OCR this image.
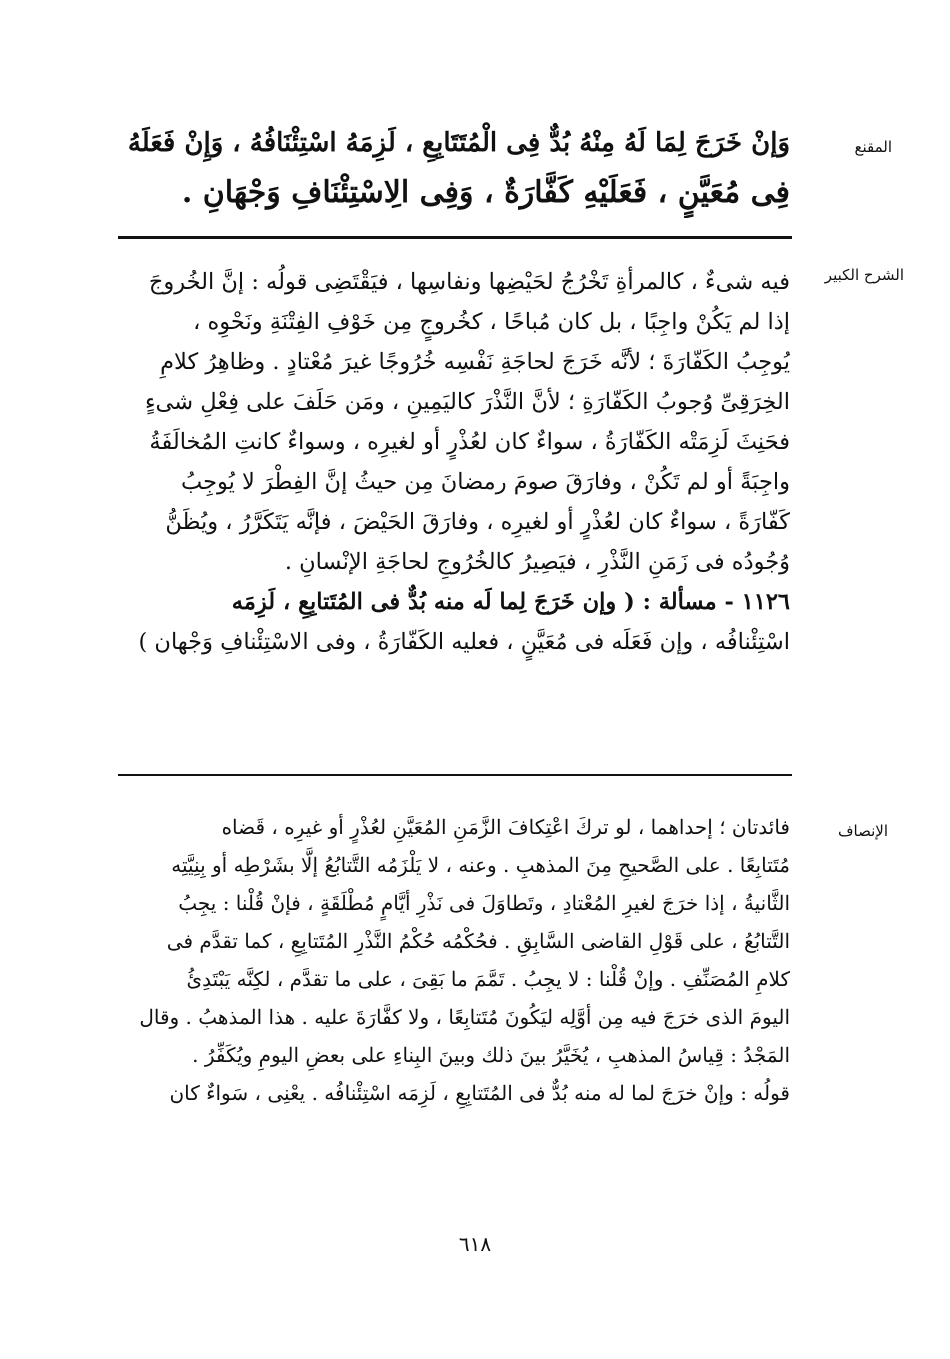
المقنع
وَإنْ خَرَجَ لِمَا لَهُ مِنْهُ بُدٌّ فِى الْمُتَتَابِعِ ، لَزِمَهُ اسْتِئْنَافُهُ ، وَإِنْ فَعَلَهُ
فِى مُعَيَّنٍ ، فَعَلَيْهِ كَفَّارَةٌ ، وَفِى الِاسْتِئْنَافِ وَجْهَانِ .
الشرح الكبير
فيه شىءٌ ، كالمرأةِ تَخْرُجُ لحَيْضِها ونفاسِها ، فيَقْتَضِى قولُه : إنَّ الخُروجَ
إذا لم يَكُنْ واجِبًا ، بل كان مُباحًا ، كخُروجٍ مِن خَوْفِ الفِتْنَةِ ونَحْوِه ،
يُوجِبُ الكَفّارَةَ ؛ لأنَّه خَرَجَ لحاجَةِ نَفْسِه خُرُوجًا غيرَ مُعْتادٍ . وظاهِرُ كلامِ
الخِرَقِىِّ وُجوبُ الكَفّارَةِ ؛ لأنَّ النَّذْرَ كاليَمِينِ ، ومَن حَلَفَ على فِعْلِ شىءٍ
فحَنِثَ لَزِمَتْه الكَفّارَةُ ، سواءٌ كان لعُذْرٍ أو لغيرِه ، وسواءٌ كانتِ المُخالَفَةُ
واجِبَةً أو لم تَكُنْ ، وفارَقَ صومَ رمضانَ مِن حيثُ إنَّ الفِطْرَ لا يُوجِبُ
كَفّارَةً ، سواءٌ كان لعُذْرٍ أو لغيرِه ، وفارَقَ الحَيْضَ ، فإنَّه يَتَكَرَّرُ ، ويُظَنُّ
وُجُودُه فى زَمَنِ النَّذْرِ ، فيَصِيرُ كالخُرُوجِ لحاجَةِ الإنْسانِ .
١١٢٦ - مسألة : ( وإن خَرَجَ لِما لَه منه بُدٌّ فى المُتَتابِعِ ، لَزِمَه
اسْتِئْنافُه ، وإن فَعَلَه فى مُعَيَّنٍ ، فعليه الكَفّارَةُ ، وفى الاسْتِئْنافِ وَجْهان )
الإنصاف
فائدتان ؛ إحداهما ، لو تركَ اعْتِكافَ الزَّمَنِ المُعَيَّنِ لعُذْرٍ أو غيرِه ، قَضاه
مُتَتابِعًا . على الصَّحيحِ مِنَ المذهبِ . وعنه ، لا يَلْزَمُه التَّتابُعُ إلَّا بشَرْطِه أو بِنِيَّتِه
الثَّانيةُ ، إذا خرَجَ لغيرِ المُعْتادِ ، وتَطاوَلَ فى نَذْرِ أيَّامٍ مُطْلَقَةٍ ، فإنْ قُلْنا : يجِبُ
التَّتابُعُ ، على قَوْلِ القاضى السَّابِقِ . فحُكْمُه حُكْمُ النَّذْرِ المُتَتابِعِ ، كما تقدَّم فى
كلامِ المُصَنِّفِ . وإنْ قُلْنا : لا يجِبُ . تَمَّمَ ما بَقِىَ ، على ما تقدَّم ، لكِنَّه يَبْتَدِئُ
اليومَ الذى خرَجَ فيه مِن أوَّلِه ليَكُونَ مُتَتابِعًا ، ولا كفَّارَةَ عليه . هذا المذهبُ . وقال
المَجْدُ : قِياسُ المذهبِ ، يُخَيَّرُ بينَ ذلك وبينَ البِناءِ على بعضِ اليومِ ويُكَفِّرُ .
قولُه : وإنْ خرَجَ لما له منه بُدٌّ فى المُتَتابِعِ ، لَزِمَه اسْتِئْنافُه . يعْنِى ، سَواءٌ كان
٦١٨
